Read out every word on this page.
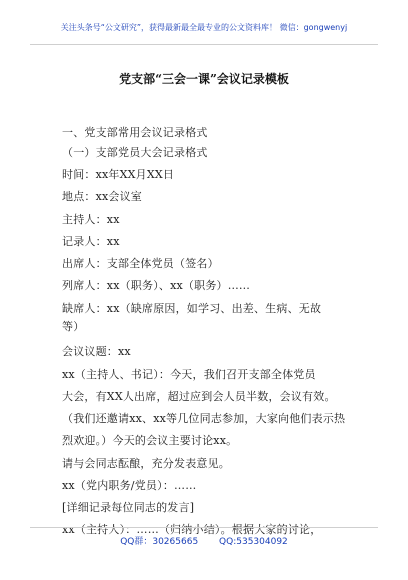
关注头条号“公文研究”，获得最新最全最专业的公文资料库！ 微信：gongwenyj
党支部“三会一课”会议记录模板
一、党支部常用会议记录格式
（一）支部党员大会记录格式
时间：xx年XX月XX日
地点：xx会议室
主持人：xx
记录人：xx
出席人：支部全体党员（签名）
列席人：xx（职务）、xx（职务）……
缺席人：xx（缺席原因，如学习、出差、生病、无故
等）
会议议题：xx
xx（主持人、书记）：今天，我们召开支部全体党员
大会，有XX人出席，超过应到会人员半数，会议有效。
（我们还邀请xx、xx等几位同志参加，大家向他们表示热
烈欢迎。）今天的会议主要讨论xx。
请与会同志酝酿，充分发表意见。
xx（党内职务/党员）：……
[详细记录每位同志的发言]
xx（主持人）：……（归纳小结）。根据大家的讨论，
QQ群：30265665 QQ:535304092
